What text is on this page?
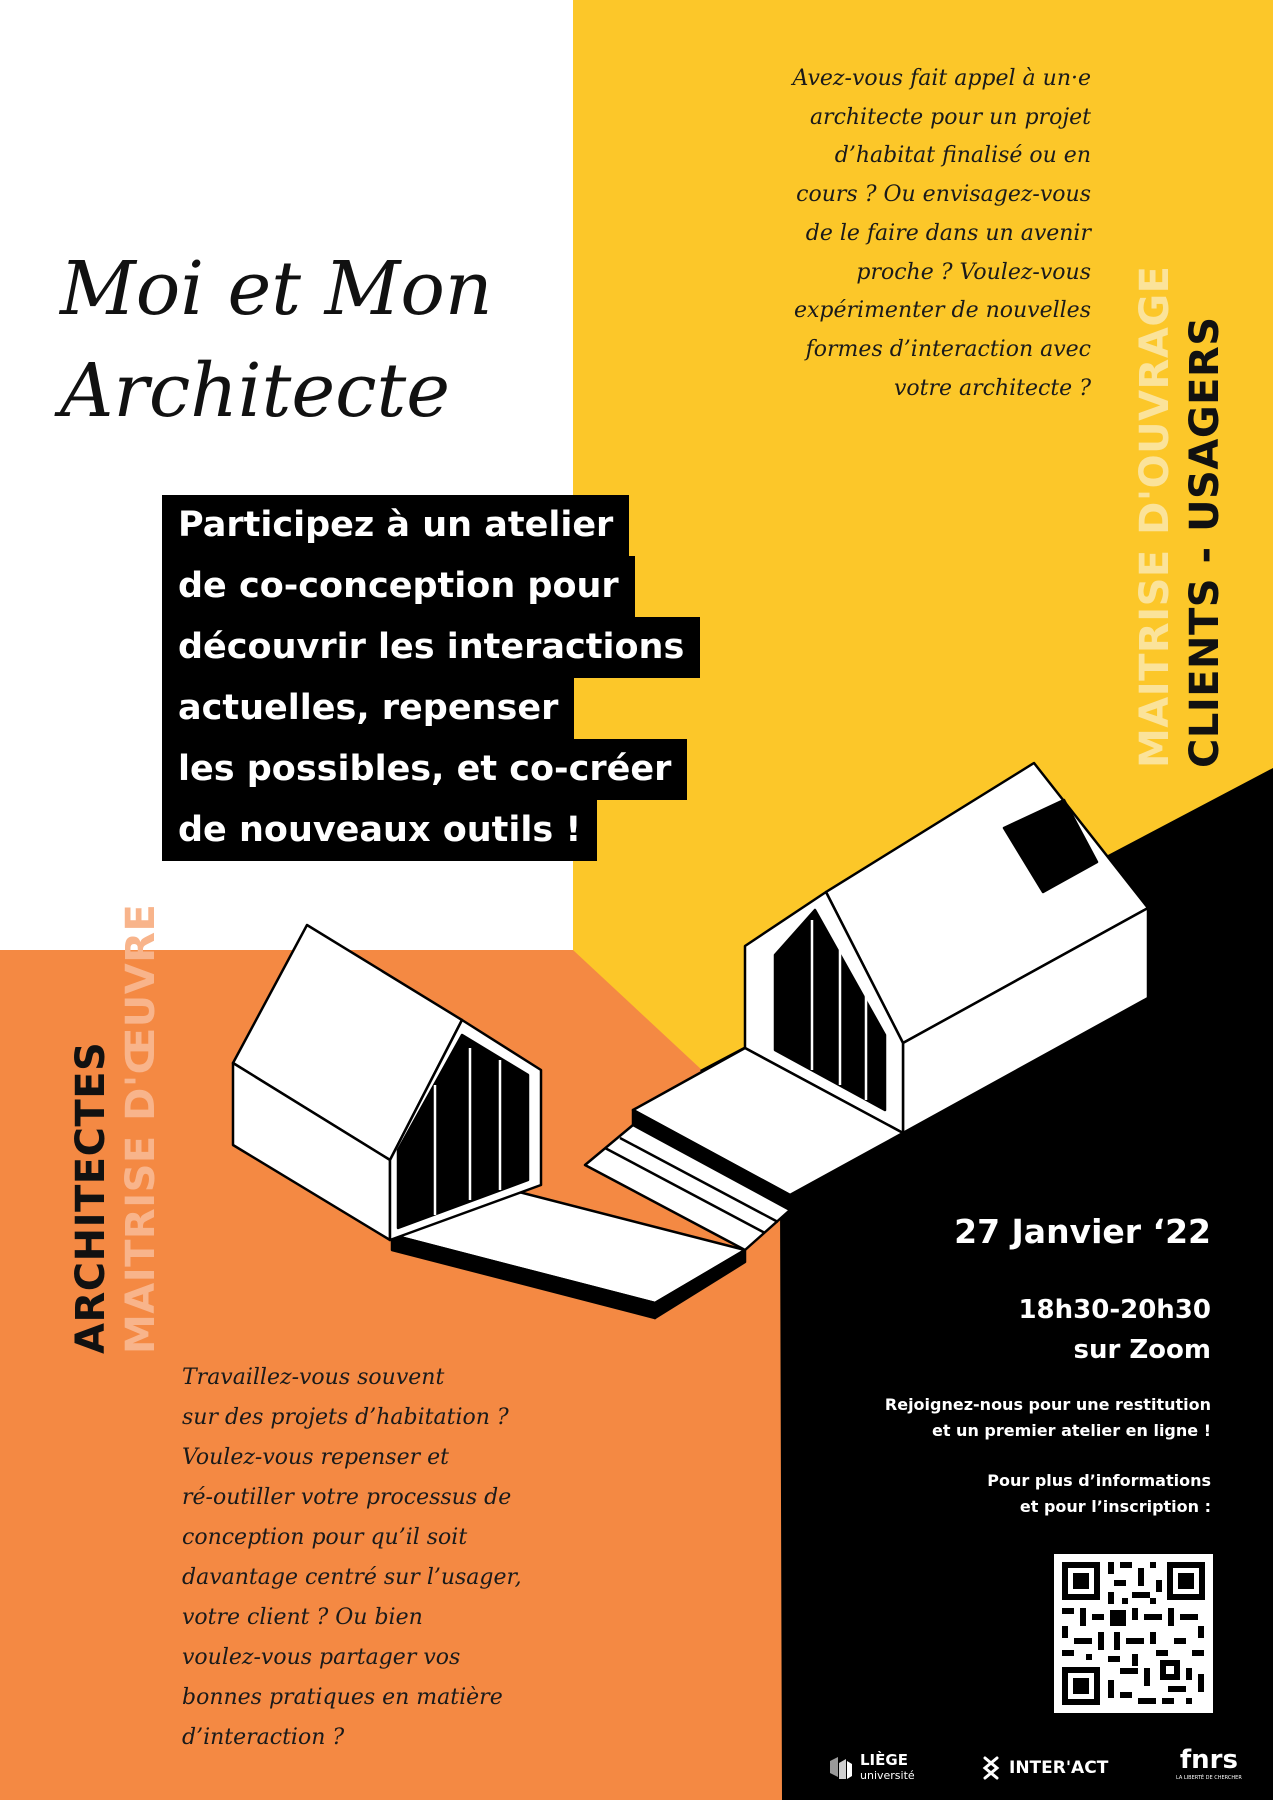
Moi et Mon
Architecte
Avez-vous fait appel à un·e
architecte pour un projet
d’habitat finalisé ou en
cours ? Ou envisagez-vous
de le faire dans un avenir
proche ? Voulez-vous
expérimenter de nouvelles
formes d’interaction avec
votre architecte ? MAITRISE D'OUVRAGE CLIENTS - USAGERS
Participez à un atelier
de co-conception pour
découvrir les interactions
actuelles, repenser
les possibles, et co-créer
de nouveaux outils !
ARCHITECTES MAITRISE D'ŒUVRE
Travaillez-vous souvent
sur des projets d’habitation ?
Voulez-vous repenser et
ré-outiller votre processus de
conception pour qu’il soit
davantage centré sur l’usager,
votre client ? Ou bien
voulez-vous partager vos
bonnes pratiques en matière
d’interaction ?
27 Janvier ‘22
18h30-20h30
sur Zoom
Rejoignez-nous pour une restitution
et un premier atelier en ligne !
Pour plus d’informations
et pour l’inscription :
LIÈGE
université	INTER'ACT	fnrs
LA LIBERTÉ DE CHERCHER
